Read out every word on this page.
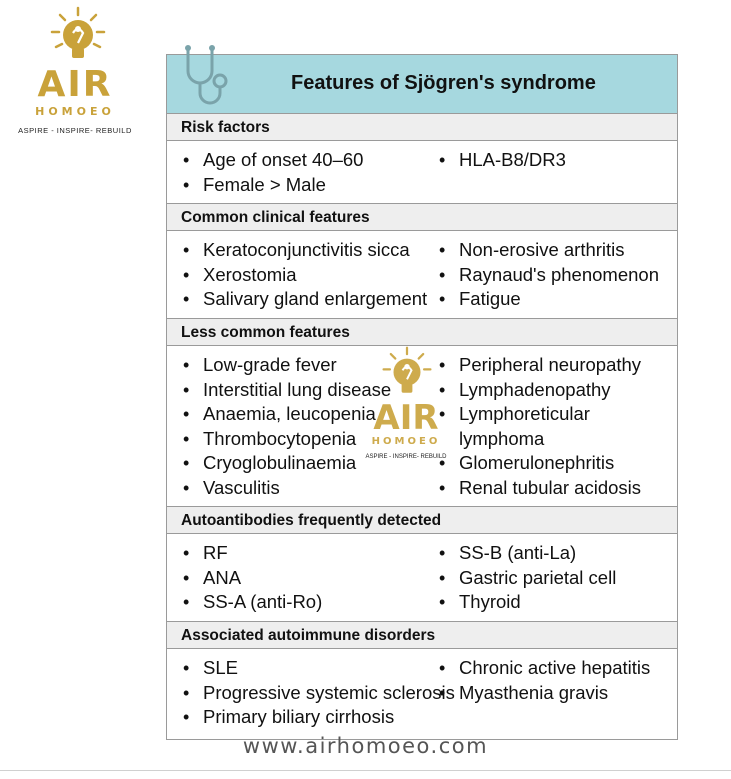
AIR
HOMOEO
ASPIRE - INSPIRE- REBUILD
Features of Sjögren's syndrome
Risk factors
• Age of onset 40–60
• Female > Male
• HLA-B8/DR3
Common clinical features
• Keratoconjunctivitis sicca
• Xerostomia
• Salivary gland enlargement
• Non-erosive arthritis
• Raynaud's phenomenon
• Fatigue
Less common features
• Low-grade fever
• Interstitial lung disease
• Anaemia, leucopenia
• Thrombocytopenia
• Cryoglobulinaemia
• Vasculitis
• Peripheral neuropathy
• Lymphadenopathy
• Lymphoreticular
lymphoma
• Glomerulonephritis
• Renal tubular acidosis
Autoantibodies frequently detected
• RF
• ANA
• SS-A (anti-Ro)
• SS-B (anti-La)
• Gastric parietal cell
• Thyroid
Associated autoimmune disorders
• SLE
• Progressive systemic sclerosis
• Primary biliary cirrhosis
• Chronic active hepatitis
• Myasthenia gravis
AIR
HOMOEO
ASPIRE - INSPIRE- REBUILD
www.airhomoeo.com
